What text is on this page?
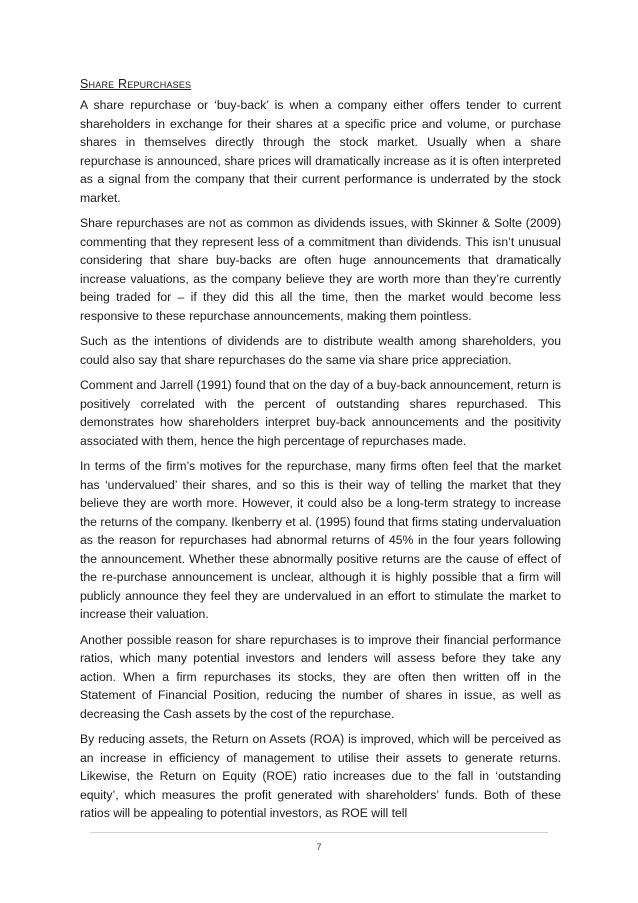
Share Repurchases

A share repurchase or ‘buy-back’ is when a company either offers tender to current shareholders in exchange for their shares at a specific price and volume, or purchase shares in themselves directly through the stock market. Usually when a share repurchase is announced, share prices will dramatically increase as it is often interpreted as a signal from the company that their current performance is underrated by the stock market.

Share repurchases are not as common as dividends issues, with Skinner & Solte (2009) commenting that they represent less of a commitment than dividends. This isn’t unusual considering that share buy-backs are often huge announcements that dramatically increase valuations, as the company believe they are worth more than they’re currently being traded for – if they did this all the time, then the market would become less responsive to these repurchase announcements, making them pointless.

Such as the intentions of dividends are to distribute wealth among shareholders, you could also say that share repurchases do the same via share price appreciation.

Comment and Jarrell (1991) found that on the day of a buy-back announcement, return is positively correlated with the percent of outstanding shares repurchased. This demonstrates how shareholders interpret buy-back announcements and the positivity associated with them, hence the high percentage of repurchases made.

In terms of the firm’s motives for the repurchase, many firms often feel that the market has ‘undervalued’ their shares, and so this is their way of telling the market that they believe they are worth more. However, it could also be a long-term strategy to increase the returns of the company. Ikenberry et al. (1995) found that firms stating undervaluation as the reason for repurchases had abnormal returns of 45% in the four years following the announcement. Whether these abnormally positive returns are the cause of effect of the re-purchase announcement is unclear, although it is highly possible that a firm will publicly announce they feel they are undervalued in an effort to stimulate the market to increase their valuation.

Another possible reason for share repurchases is to improve their financial performance ratios, which many potential investors and lenders will assess before they take any action. When a firm repurchases its stocks, they are often then written off in the Statement of Financial Position, reducing the number of shares in issue, as well as decreasing the Cash assets by the cost of the repurchase.

By reducing assets, the Return on Assets (ROA) is improved, which will be perceived as an increase in efficiency of management to utilise their assets to generate returns. Likewise, the Return on Equity (ROE) ratio increases due to the fall in ‘outstanding equity’, which measures the profit generated with shareholders’ funds. Both of these ratios will be appealing to potential investors, as ROE will tell

7
